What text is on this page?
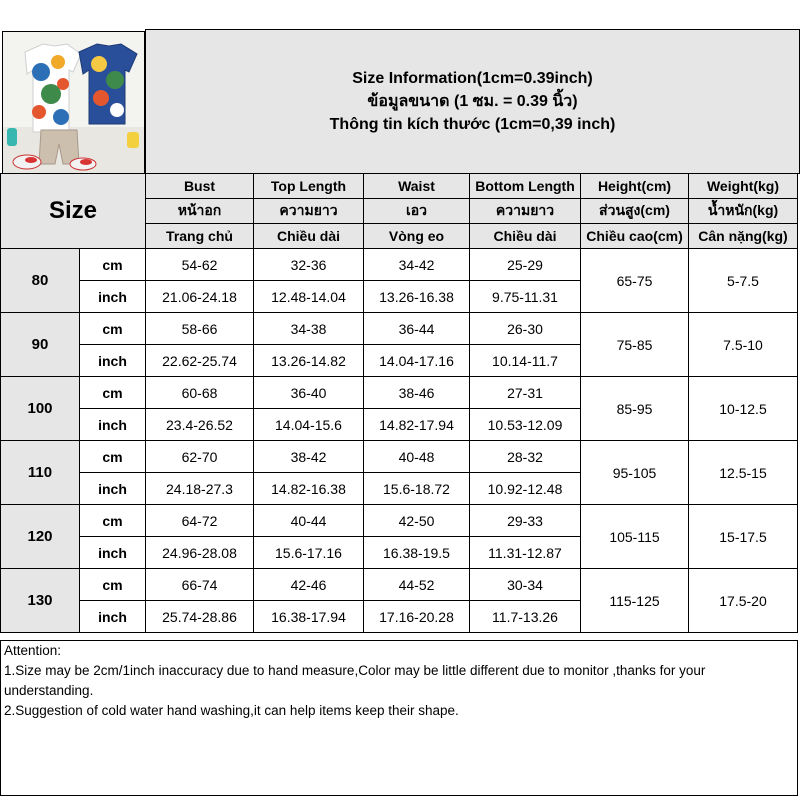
Size Information(1cm=0.39inch)
ข้อมูลขนาด (1 ซม. = 0.39 นิ้ว)
Thông tin kích thước (1cm=0,39 inch)
Size		Bust	Top Length	Waist	Bottom Length	Height(cm)	Weight(kg)
		หน้าอก	ความยาว	เอว	ความยาว	ส่วนสูง(cm)	น้ำหนัก(kg)
		Trang chủ	Chiều dài	Vòng eo	Chiều dài	Chiều cao(cm)	Cân nặng(kg)
80	cm	54-62	32-36	34-42	25-29	65-75	5-7.5
	inch	21.06-24.18	12.48-14.04	13.26-16.38	9.75-11.31		
90	cm	58-66	34-38	36-44	26-30	75-85	7.5-10
	inch	22.62-25.74	13.26-14.82	14.04-17.16	10.14-11.7		
100	cm	60-68	36-40	38-46	27-31	85-95	10-12.5
	inch	23.4-26.52	14.04-15.6	14.82-17.94	10.53-12.09		
110	cm	62-70	38-42	40-48	28-32	95-105	12.5-15
	inch	24.18-27.3	14.82-16.38	15.6-18.72	10.92-12.48		
120	cm	64-72	40-44	42-50	29-33	105-115	15-17.5
	inch	24.96-28.08	15.6-17.16	16.38-19.5	11.31-12.87		
130	cm	66-74	42-46	44-52	30-34	115-125	17.5-20
	inch	25.74-28.86	16.38-17.94	17.16-20.28	11.7-13.26		
Attention:
1.Size may be 2cm/1inch inaccuracy due to hand measure,Color may be little different due to monitor ,thanks for your understanding.
2.Suggestion of cold water hand washing,it can help items keep their shape.
